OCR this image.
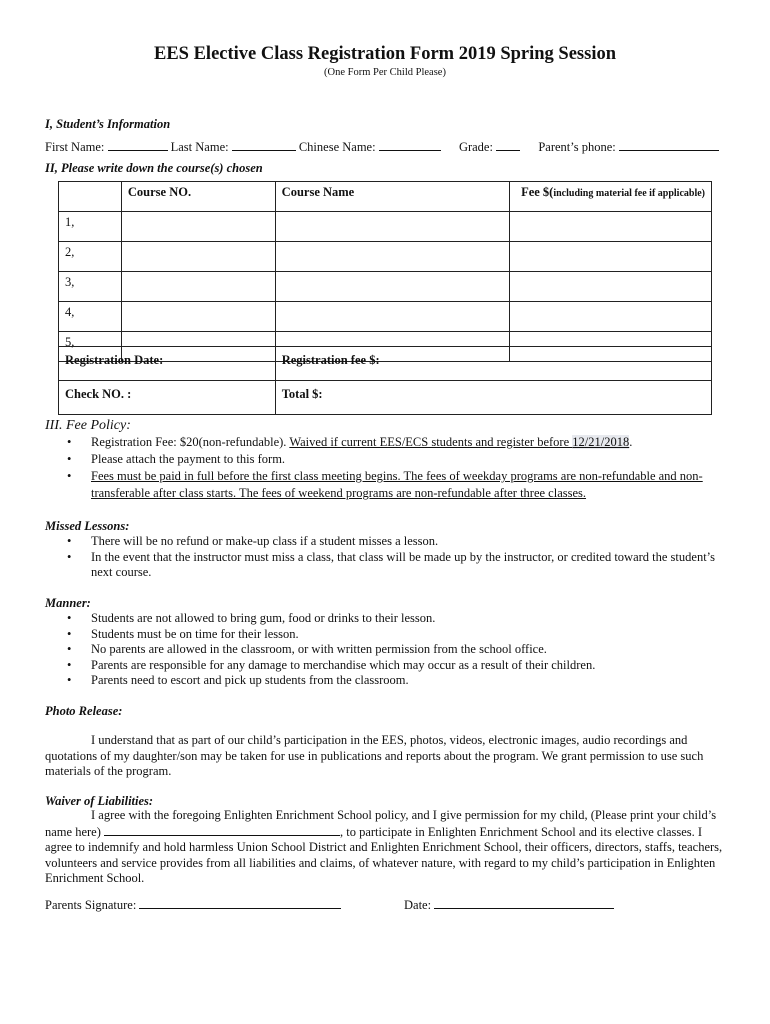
EES Elective Class Registration Form 2019 Spring Session
(One Form Per Child Please)
I, Student’s Information
First Name:	Last Name:	Chinese Name:	Grade:	Parent’s phone:
II, Please write down the course(s) chosen
	Course NO.	Course Name	Fee $(including material fee if applicable)
1,			
2,			
3,			
4,			
5,			
Registration Date:	Registration fee $:
Check NO. :	Total $:
III. Fee Policy:
• Registration Fee: $20(non-refundable). Waived if current EES/ECS students and register before 12/21/2018.
• Please attach the payment to this form.
• Fees must be paid in full before the first class meeting begins. The fees of weekday programs are non-refundable and non-
transferable after class starts. The fees of weekend programs are non-refundable after three classes.
Missed Lessons:
• There will be no refund or make-up class if a student misses a lesson.
• In the event that the instructor must miss a class, that class will be made up by the instructor, or credited toward the student’s
next course.
Manner:
• Students are not allowed to bring gum, food or drinks to their lesson.
• Students must be on time for their lesson.
• No parents are allowed in the classroom, or with written permission from the school office.
• Parents are responsible for any damage to merchandise which may occur as a result of their children.
• Parents need to escort and pick up students from the classroom.
Photo Release:
I understand that as part of our child’s participation in the EES, photos, videos, electronic images, audio recordings and
quotations of my daughter/son may be taken for use in publications and reports about the program. We grant permission to use such
materials of the program.
Waiver of Liabilities:
I agree with the foregoing Enlighten Enrichment School policy, and I give permission for my child, (Please print your child’s
name here)	, to participate in Enlighten Enrichment School and its elective classes. I
agree to indemnify and hold harmless Union School District and Enlighten Enrichment School, their officers, directors, staffs, teachers,
volunteers and service provides from all liabilities and claims, of whatever nature, with regard to my child’s participation in Enlighten
Enrichment School.
Parents Signature:	Date:
